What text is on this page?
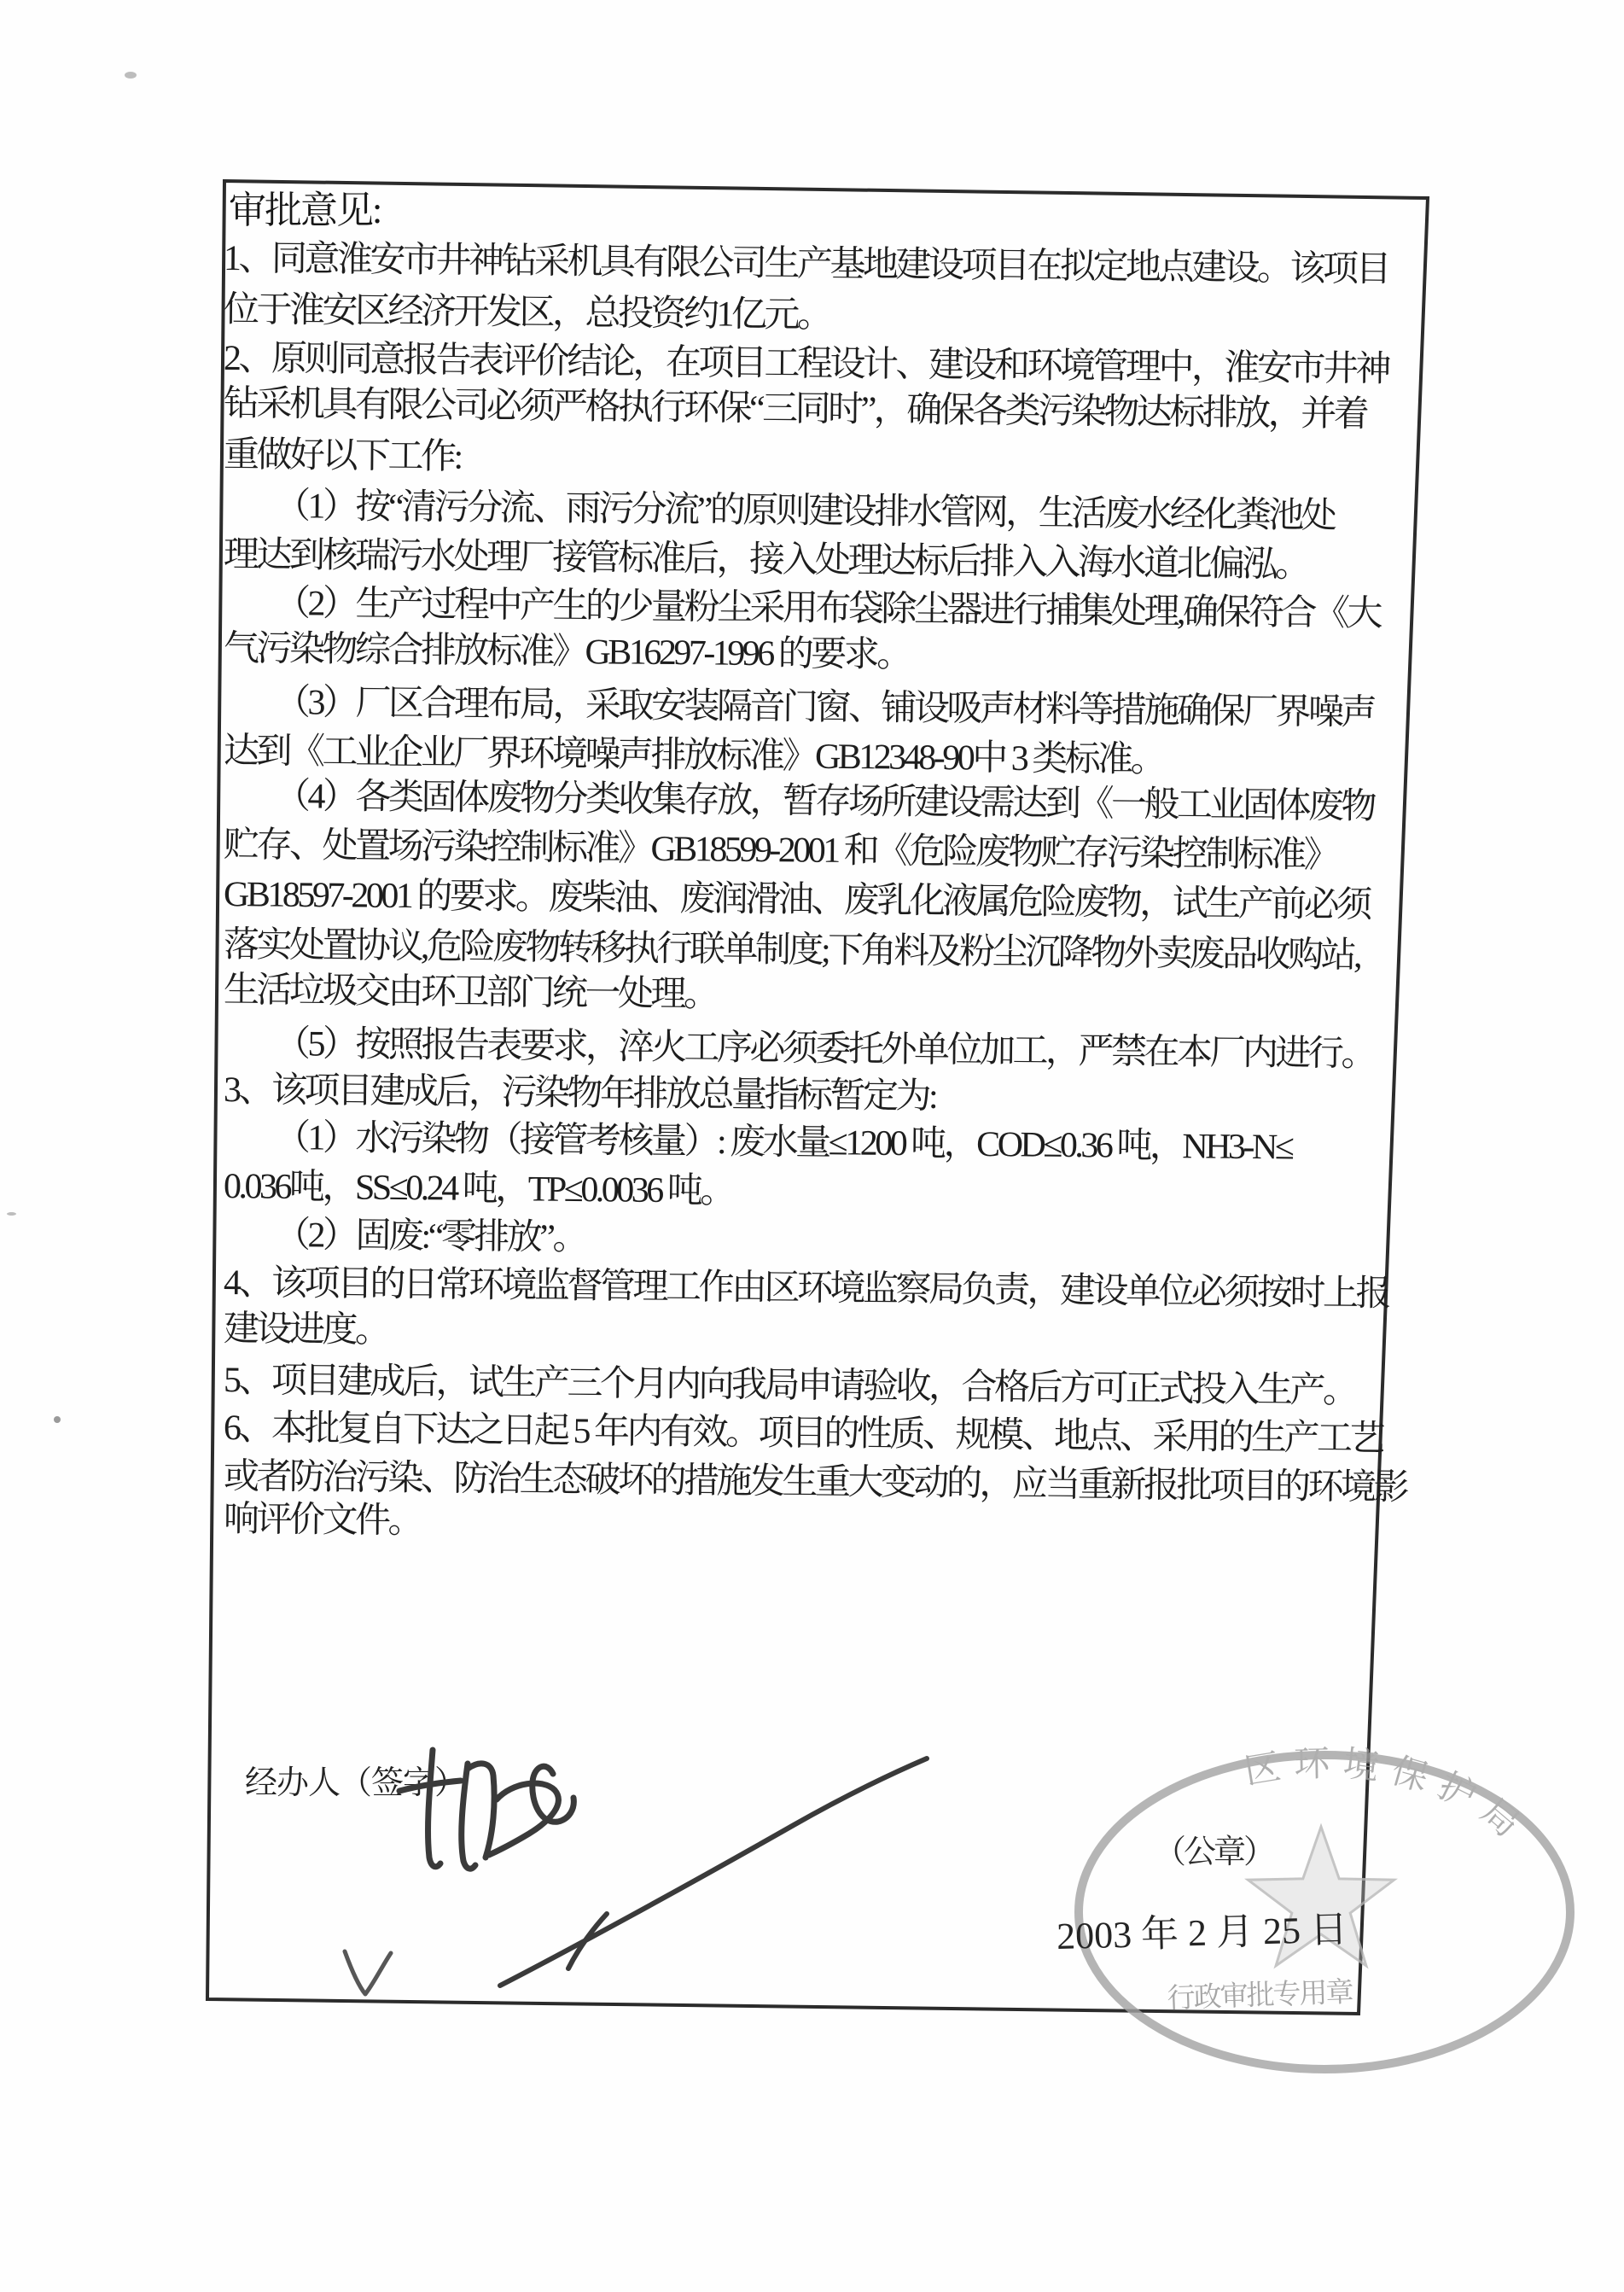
区环境保护局
行政审批专用章
审批意见:
1、同意淮安市井神钻采机具有限公司生产基地建设项目在拟定地点建设。该项目
位于淮安区经济开发区，总投资约1亿元。
2、原则同意报告表评价结论，在项目工程设计、建设和环境管理中，淮安市井神
钻采机具有限公司必须严格执行环保“三同时”，确保各类污染物达标排放，并着
重做好以下工作:
（1）按“清污分流、雨污分流”的原则建设排水管网，生活废水经化粪池处
理达到核瑞污水处理厂接管标准后，接入处理达标后排入入海水道北偏泓。
（2）生产过程中产生的少量粉尘采用布袋除尘器进行捕集处理,确保符合《大
气污染物综合排放标准》GB16297-1996 的要求。
（3）厂区合理布局，采取安装隔音门窗、铺设吸声材料等措施确保厂界噪声
达到《工业企业厂界环境噪声排放标准》GB12348-90中 3 类标准。
（4）各类固体废物分类收集存放，暂存场所建设需达到《一般工业固体废物
贮存、处置场污染控制标准》GB18599-2001 和《危险废物贮存污染控制标准》
GB18597-2001 的要求。废柴油、废润滑油、废乳化液属危险废物，试生产前必须
落实处置协议,危险废物转移执行联单制度;下角料及粉尘沉降物外卖废品收购站,
生活垃圾交由环卫部门统一处理。
（5）按照报告表要求，淬火工序必须委托外单位加工，严禁在本厂内进行。
3、该项目建成后，污染物年排放总量指标暂定为:
（1）水污染物（接管考核量）: 废水量≤1200 吨，COD≤0.36 吨，NH3-N≤
0.036吨，SS≤0.24 吨，TP≤0.0036 吨。
（2）固废:“零排放”。
4、该项目的日常环境监督管理工作由区环境监察局负责，建设单位必须按时上报
建设进度。
5、项目建成后，试生产三个月内向我局申请验收，合格后方可正式投入生产。
6、本批复自下达之日起 5 年内有效。项目的性质、规模、地点、采用的生产工艺
或者防治污染、防治生态破坏的措施发生重大变动的，应当重新报批项目的环境影
响评价文件。
经办人（签字）
（公章）
2003 年 2 月 25 日
